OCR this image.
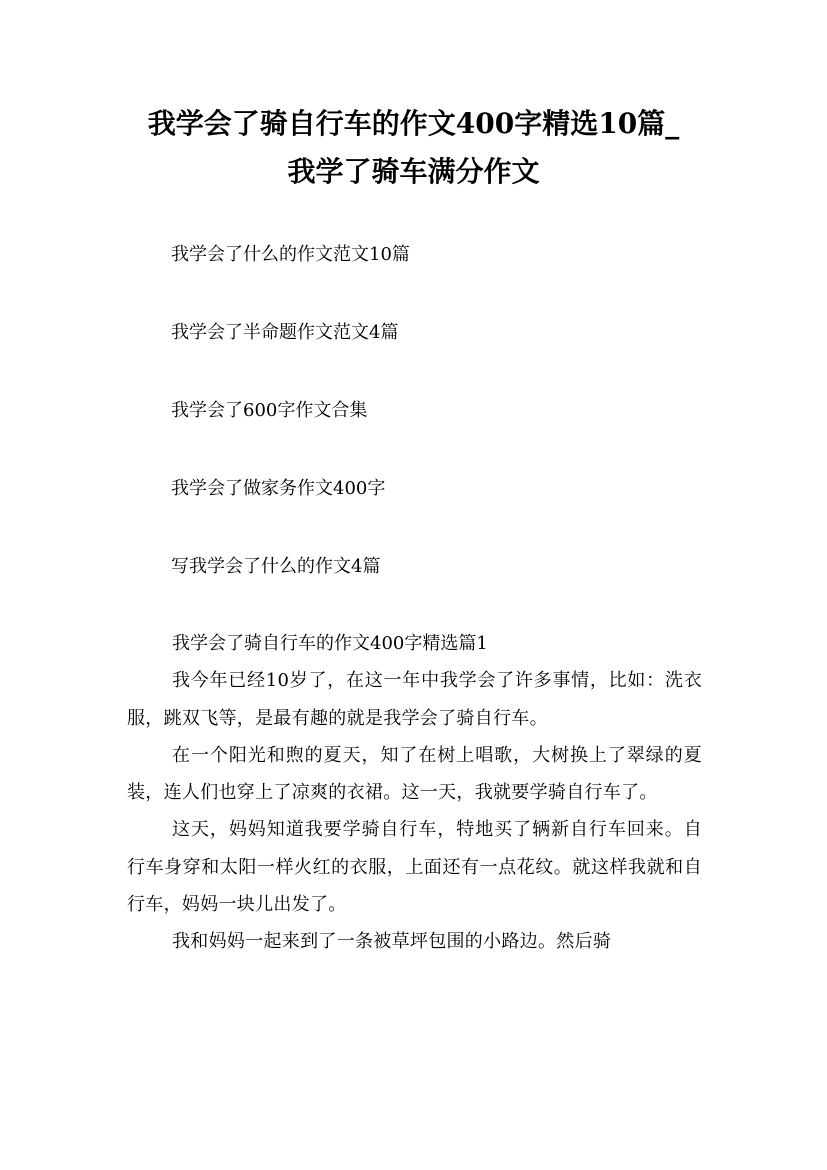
我学会了骑自行车的作文400字精选10篇_
我学了骑车满分作文
我学会了什么的作文范文10篇
我学会了半命题作文范文4篇
我学会了600字作文合集
我学会了做家务作文400字
写我学会了什么的作文4篇
我学会了骑自行车的作文400字精选篇1

我今年已经10岁了，在这一年中我学会了许多事情，比如：洗衣服，跳双飞等，是最有趣的就是我学会了骑自行车。

在一个阳光和煦的夏天，知了在树上唱歌，大树换上了翠绿的夏装，连人们也穿上了凉爽的衣裙。这一天，我就要学骑自行车了。

这天，妈妈知道我要学骑自行车，特地买了辆新自行车回来。自行车身穿和太阳一样火红的衣服，上面还有一点花纹。就这样我就和自行车，妈妈一块儿出发了。

我和妈妈一起来到了一条被草坪包围的小路边。然后骑
